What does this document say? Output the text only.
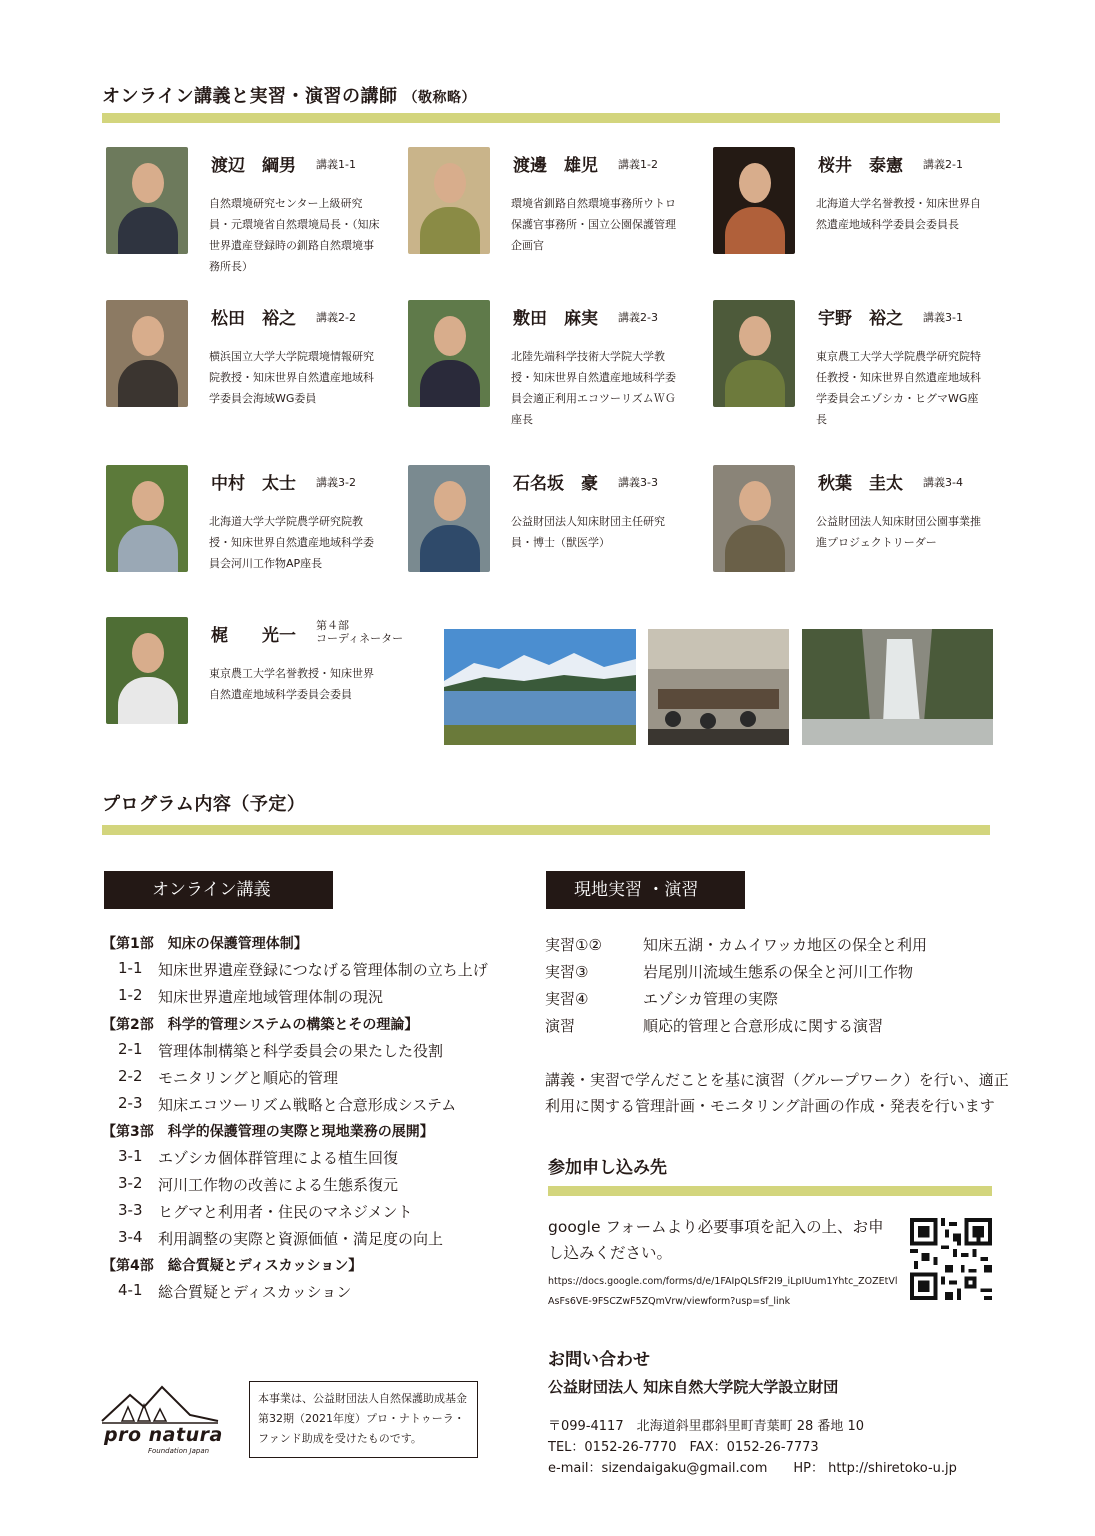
オンライン講義と実習・演習の講師 （敬称略）
渡辺　綱男 講義1-1
自然環境研究センター上級研究員・元環境省自然環境局長・（知床世界遺産登録時の釧路自然環境事務所長）
渡邊　雄児 講義1-2
環境省釧路自然環境事務所ウトロ保護官事務所・国立公園保護管理企画官
桜井　泰憲 講義2-1
北海道大学名誉教授・知床世界自然遺産地域科学委員会委員長
松田　裕之 講義2-2
横浜国立大学大学院環境情報研究院教授・知床世界自然遺産地域科学委員会海域WG委員
敷田　麻実 講義2-3
北陸先端科学技術大学院大学教授・知床世界自然遺産地域科学委員会適正利用エコツーリズムＷＧ座長
宇野　裕之 講義3-1
東京農工大学大学院農学研究院特任教授・知床世界自然遺産地域科学委員会エゾシカ・ヒグマWG座長
中村　太士 講義3-2
北海道大学大学院農学研究院教授・知床世界自然遺産地域科学委員会河川工作物AP座長
石名坂　豪 講義3-3
公益財団法人知床財団主任研究員・博士（獣医学）
秋葉　圭太 講義3-4
公益財団法人知床財団公園事業推進プロジェクトリーダー
梶　　光一
第４部
コーディネーター
東京農工大学名誉教授・知床世界自然遺産地域科学委員会委員
プログラム内容（予定）
オンライン講義	現地実習 ・演習
【第1部　知床の保護管理体制】
1-1 知床世界遺産登録につなげる管理体制の立ち上げ
1-2 知床世界遺産地域管理体制の現況
【第2部　科学的管理システムの構築とその理論】
2-1 管理体制構築と科学委員会の果たした役割
2-2 モニタリングと順応的管理
2-3 知床エコツーリズム戦略と合意形成システム
【第3部　科学的保護管理の実際と現地業務の展開】
3-1 エゾシカ個体群管理による植生回復
3-2 河川工作物の改善による生態系復元
3-3 ヒグマと利用者・住民のマネジメント
3-4 利用調整の実際と資源価値・満足度の向上
【第4部　総合質疑とディスカッション】
4-1 総合質疑とディスカッション
実習①②	知床五湖・カムイワッカ地区の保全と利用
実習③	岩尾別川流域生態系の保全と河川工作物
実習④	エゾシカ管理の実際
演習	順応的管理と合意形成に関する演習
講義・実習で学んだことを基に演習（グループワーク）を行い、適正利用に関する管理計画・モニタリング計画の作成・発表を行います
参加申し込み先
google フォームより必要事項を記入の上、お申し込みください。
https://docs.google.com/forms/d/e/1FAIpQLSfF2I9_iLpIUum1Yhtc_ZOZEtVlAsFs6VE-9FSCZwF5ZQmVrw/viewform?usp=sf_link
お問い合わせ
公益財団法人 知床自然大学院大学設立財団
〒099-4117　北海道斜里郡斜里町青葉町 28 番地 10
TEL：0152-26-7770　FAX：0152-26-7773
e-mail：sizendaigaku@gmail.com　　HP： http://shiretoko-u.jp
pro natura
Foundation Japan
本事業は、公益財団法人自然保護助成基金第32期（2021年度）プロ・ナトゥーラ・ファンド助成を受けたものです。
